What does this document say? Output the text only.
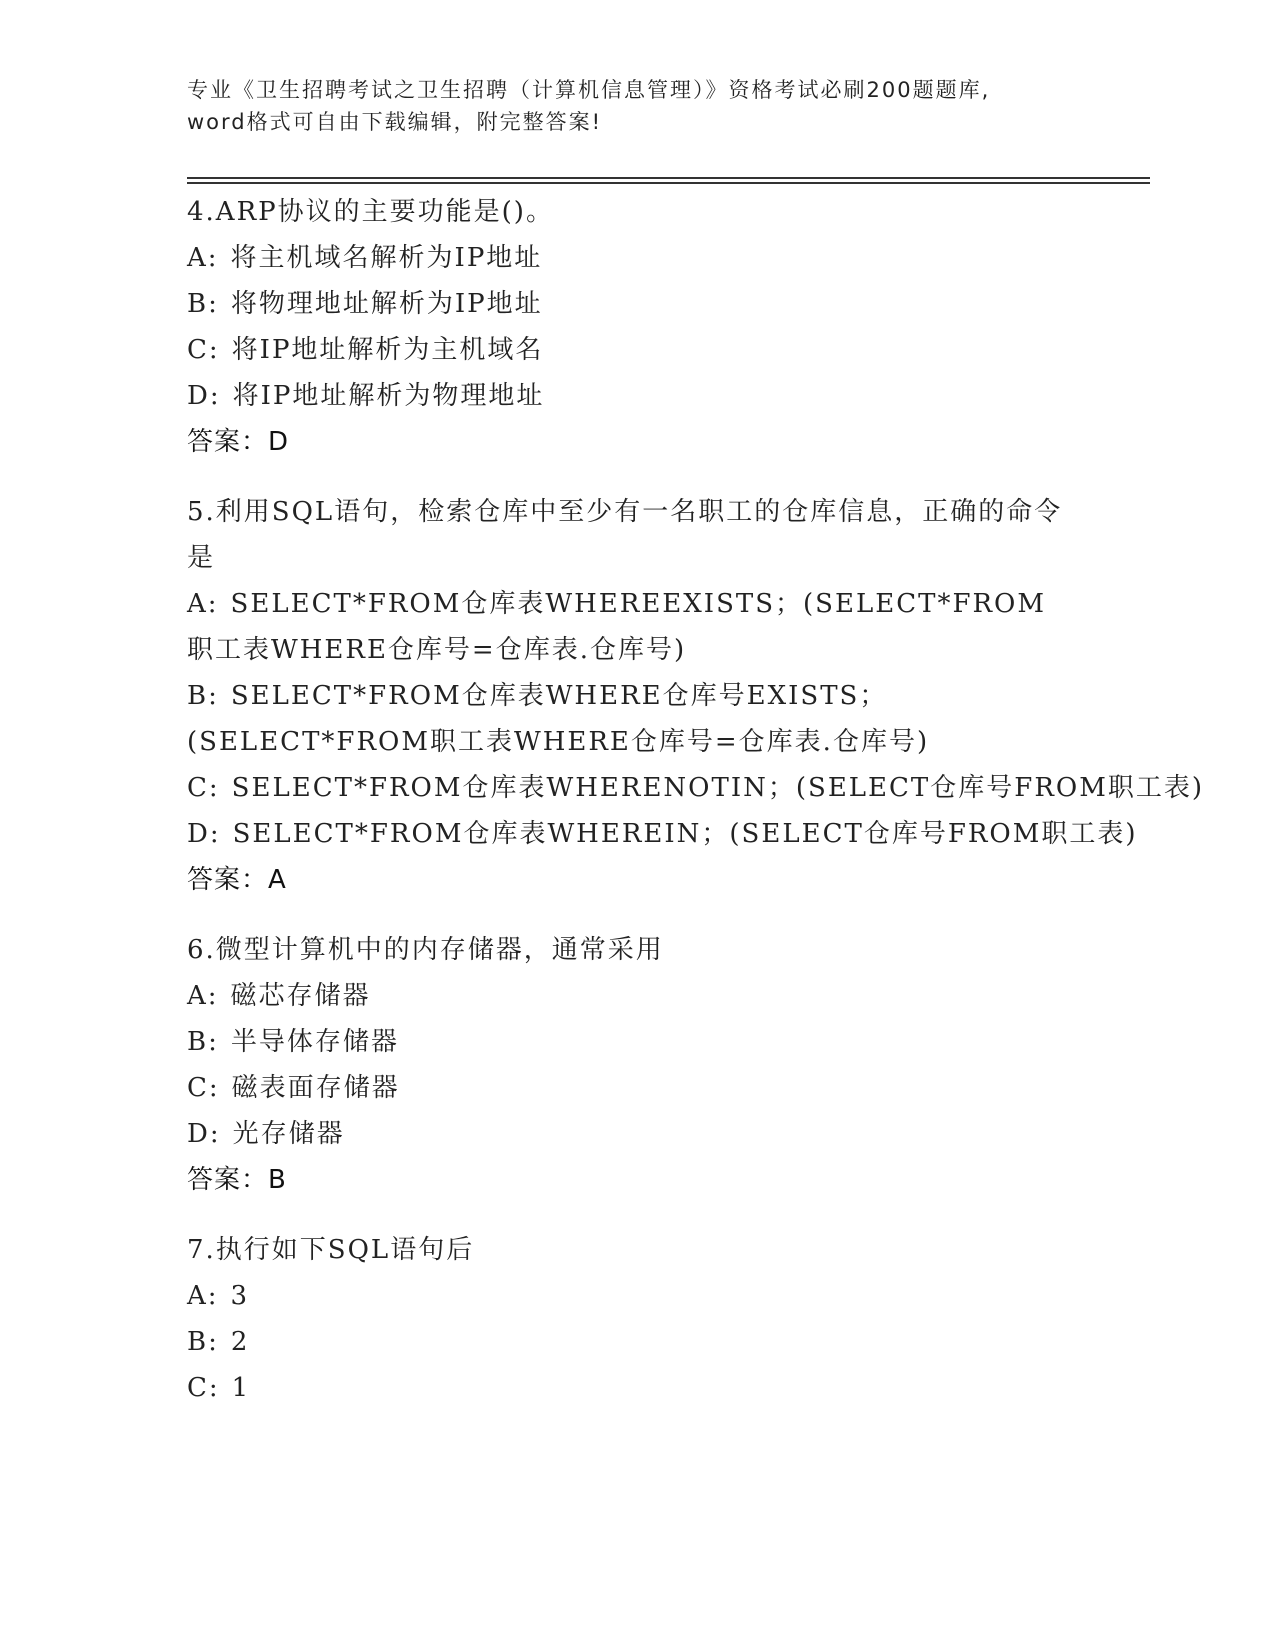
专业《卫生招聘考试之卫生招聘（计算机信息管理）》资格考试必刷200题题库,
word格式可自由下载编辑，附完整答案!
4.ARP协议的主要功能是()。
A: 将主机域名解析为IP地址
B: 将物理地址解析为IP地址
C: 将IP地址解析为主机域名
D: 将IP地址解析为物理地址
答案：D
5.利用SQL语句，检索仓库中至少有一名职工的仓库信息，正确的命令是
A: SELECT*FROM仓库表WHEREEXISTS；(SELECT*FROM职工表WHERE仓库号=仓库表.仓库号)
B: SELECT*FROM仓库表WHERE仓库号EXISTS；(SELECT*FROM职工表WHERE仓库号=仓库表.仓库号)
C: SELECT*FROM仓库表WHERENOTIN；(SELECT仓库号FROM职工表)
D: SELECT*FROM仓库表WHEREIN；(SELECT仓库号FROM职工表)
答案：A
6.微型计算机中的内存储器，通常采用
A: 磁芯存储器
B: 半导体存储器
C: 磁表面存储器
D: 光存储器
答案：B
7.执行如下SQL语句后
A: 3
B: 2
C: 1
